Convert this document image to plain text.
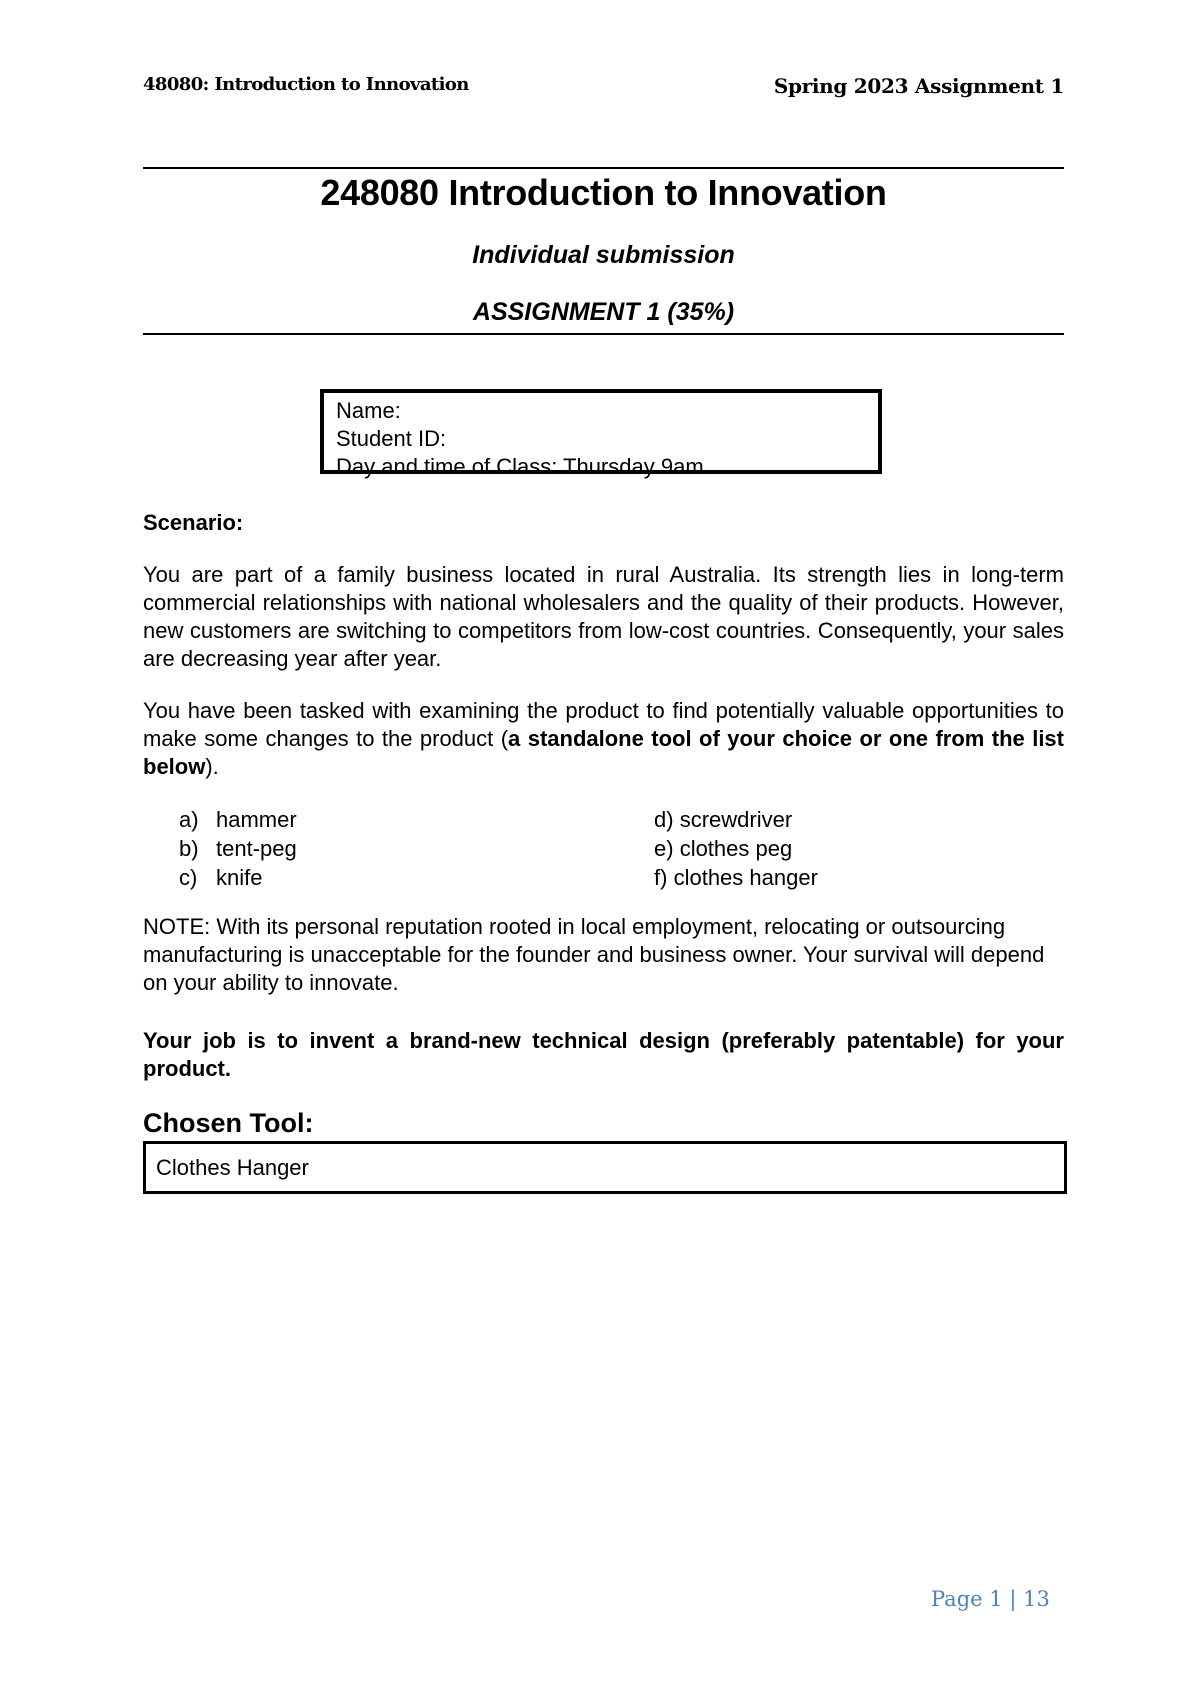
48080: Introduction to Innovation	Spring 2023 Assignment 1
248080 Introduction to Innovation
Individual submission
ASSIGNMENT 1 (35%)
Name:
Student ID:
Day and time of Class: Thursday 9am
Scenario:
You are part of a family business located in rural Australia. Its strength lies in long-term commercial relationships with national wholesalers and the quality of their products. However, new customers are switching to competitors from low-cost countries. Consequently, your sales are decreasing year after year.
You have been tasked with examining the product to find potentially valuable opportunities to make some changes to the product (a standalone tool of your choice or one from the list below).
a) hammer
b) tent-peg
c) knife
d) screwdriver
e) clothes peg
f) clothes hanger
NOTE: With its personal reputation rooted in local employment, relocating or outsourcing manufacturing is unacceptable for the founder and business owner. Your survival will depend on your ability to innovate.
Your job is to invent a brand-new technical design (preferably patentable) for your product.
Chosen Tool:
Clothes Hanger
Page 1 | 13
